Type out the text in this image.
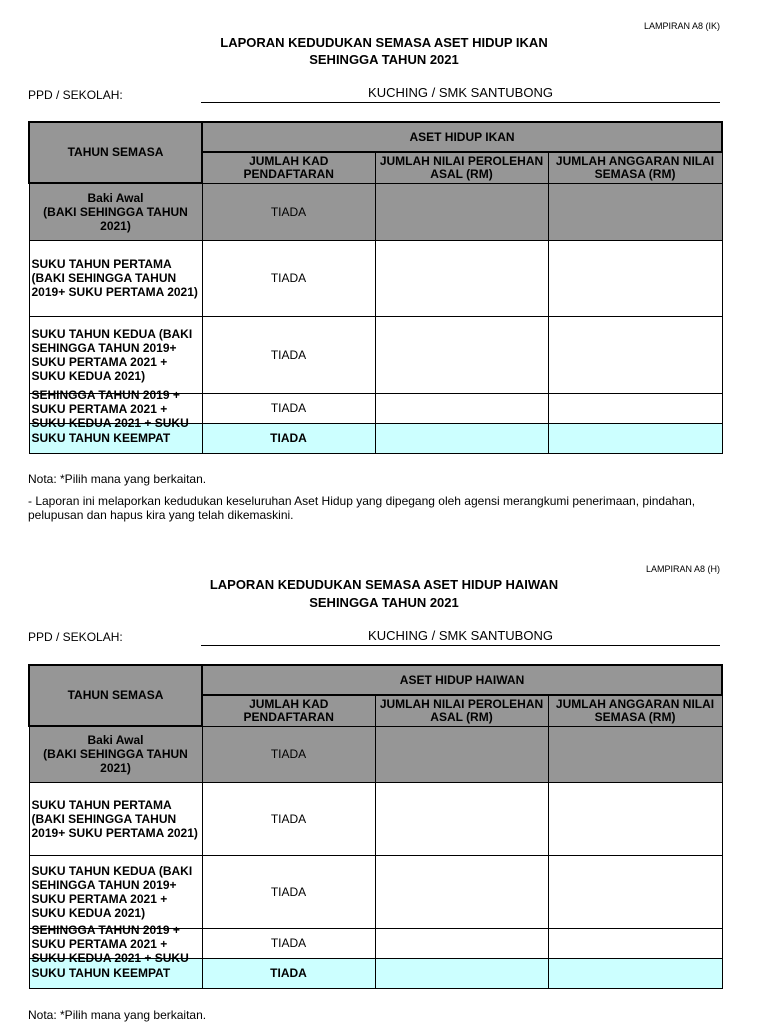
LAMPIRAN A8 (IK)
LAPORAN KEDUDUKAN SEMASA ASET HIDUP IKAN
SEHINGGA TAHUN 2021
PPD / SEKOLAH:	KUCHING / SMK SANTUBONG
TAHUN SEMASA	ASET HIDUP IKAN		
	JUMLAH KAD PENDAFTARAN	JUMLAH NILAI PEROLEHAN ASAL (RM)	JUMLAH ANGGARAN NILAI SEMASA (RM)

Baki Awal
(BAKI SEHINGGA TAHUN 2021)	TIADA		
SUKU TAHUN PERTAMA (BAKI SEHINGGA TAHUN 2019+ SUKU PERTAMA 2021)	TIADA		
SUKU TAHUN KEDUA (BAKI SEHINGGA TAHUN 2019+ SUKU PERTAMA 2021 + SUKU KEDUA 2021)	TIADA		

SEHINGGA TAHUN 2019 + SUKU PERTAMA 2021 + SUKU KEDUA 2021 + SUKU	TIADA		
SUKU TAHUN KEEMPAT	TIADA		
Nota: *Pilih mana yang berkaitan.
- Laporan ini melaporkan kedudukan keseluruhan Aset Hidup yang dipegang oleh agensi merangkumi penerimaan, pindahan, pelupusan dan hapus kira yang telah dikemaskini.
LAMPIRAN A8 (H)
LAPORAN KEDUDUKAN SEMASA ASET HIDUP HAIWAN
SEHINGGA TAHUN 2021
PPD / SEKOLAH:	KUCHING / SMK SANTUBONG
TAHUN SEMASA	ASET HIDUP HAIWAN		
	JUMLAH KAD PENDAFTARAN	JUMLAH NILAI PEROLEHAN ASAL (RM)	JUMLAH ANGGARAN NILAI SEMASA (RM)

Baki Awal
(BAKI SEHINGGA TAHUN 2021)	TIADA		
SUKU TAHUN PERTAMA (BAKI SEHINGGA TAHUN 2019+ SUKU PERTAMA 2021)	TIADA		
SUKU TAHUN KEDUA (BAKI SEHINGGA TAHUN 2019+ SUKU PERTAMA 2021 + SUKU KEDUA 2021)	TIADA		

SEHINGGA TAHUN 2019 + SUKU PERTAMA 2021 + SUKU KEDUA 2021 + SUKU	TIADA		
SUKU TAHUN KEEMPAT	TIADA		
Nota: *Pilih mana yang berkaitan.
